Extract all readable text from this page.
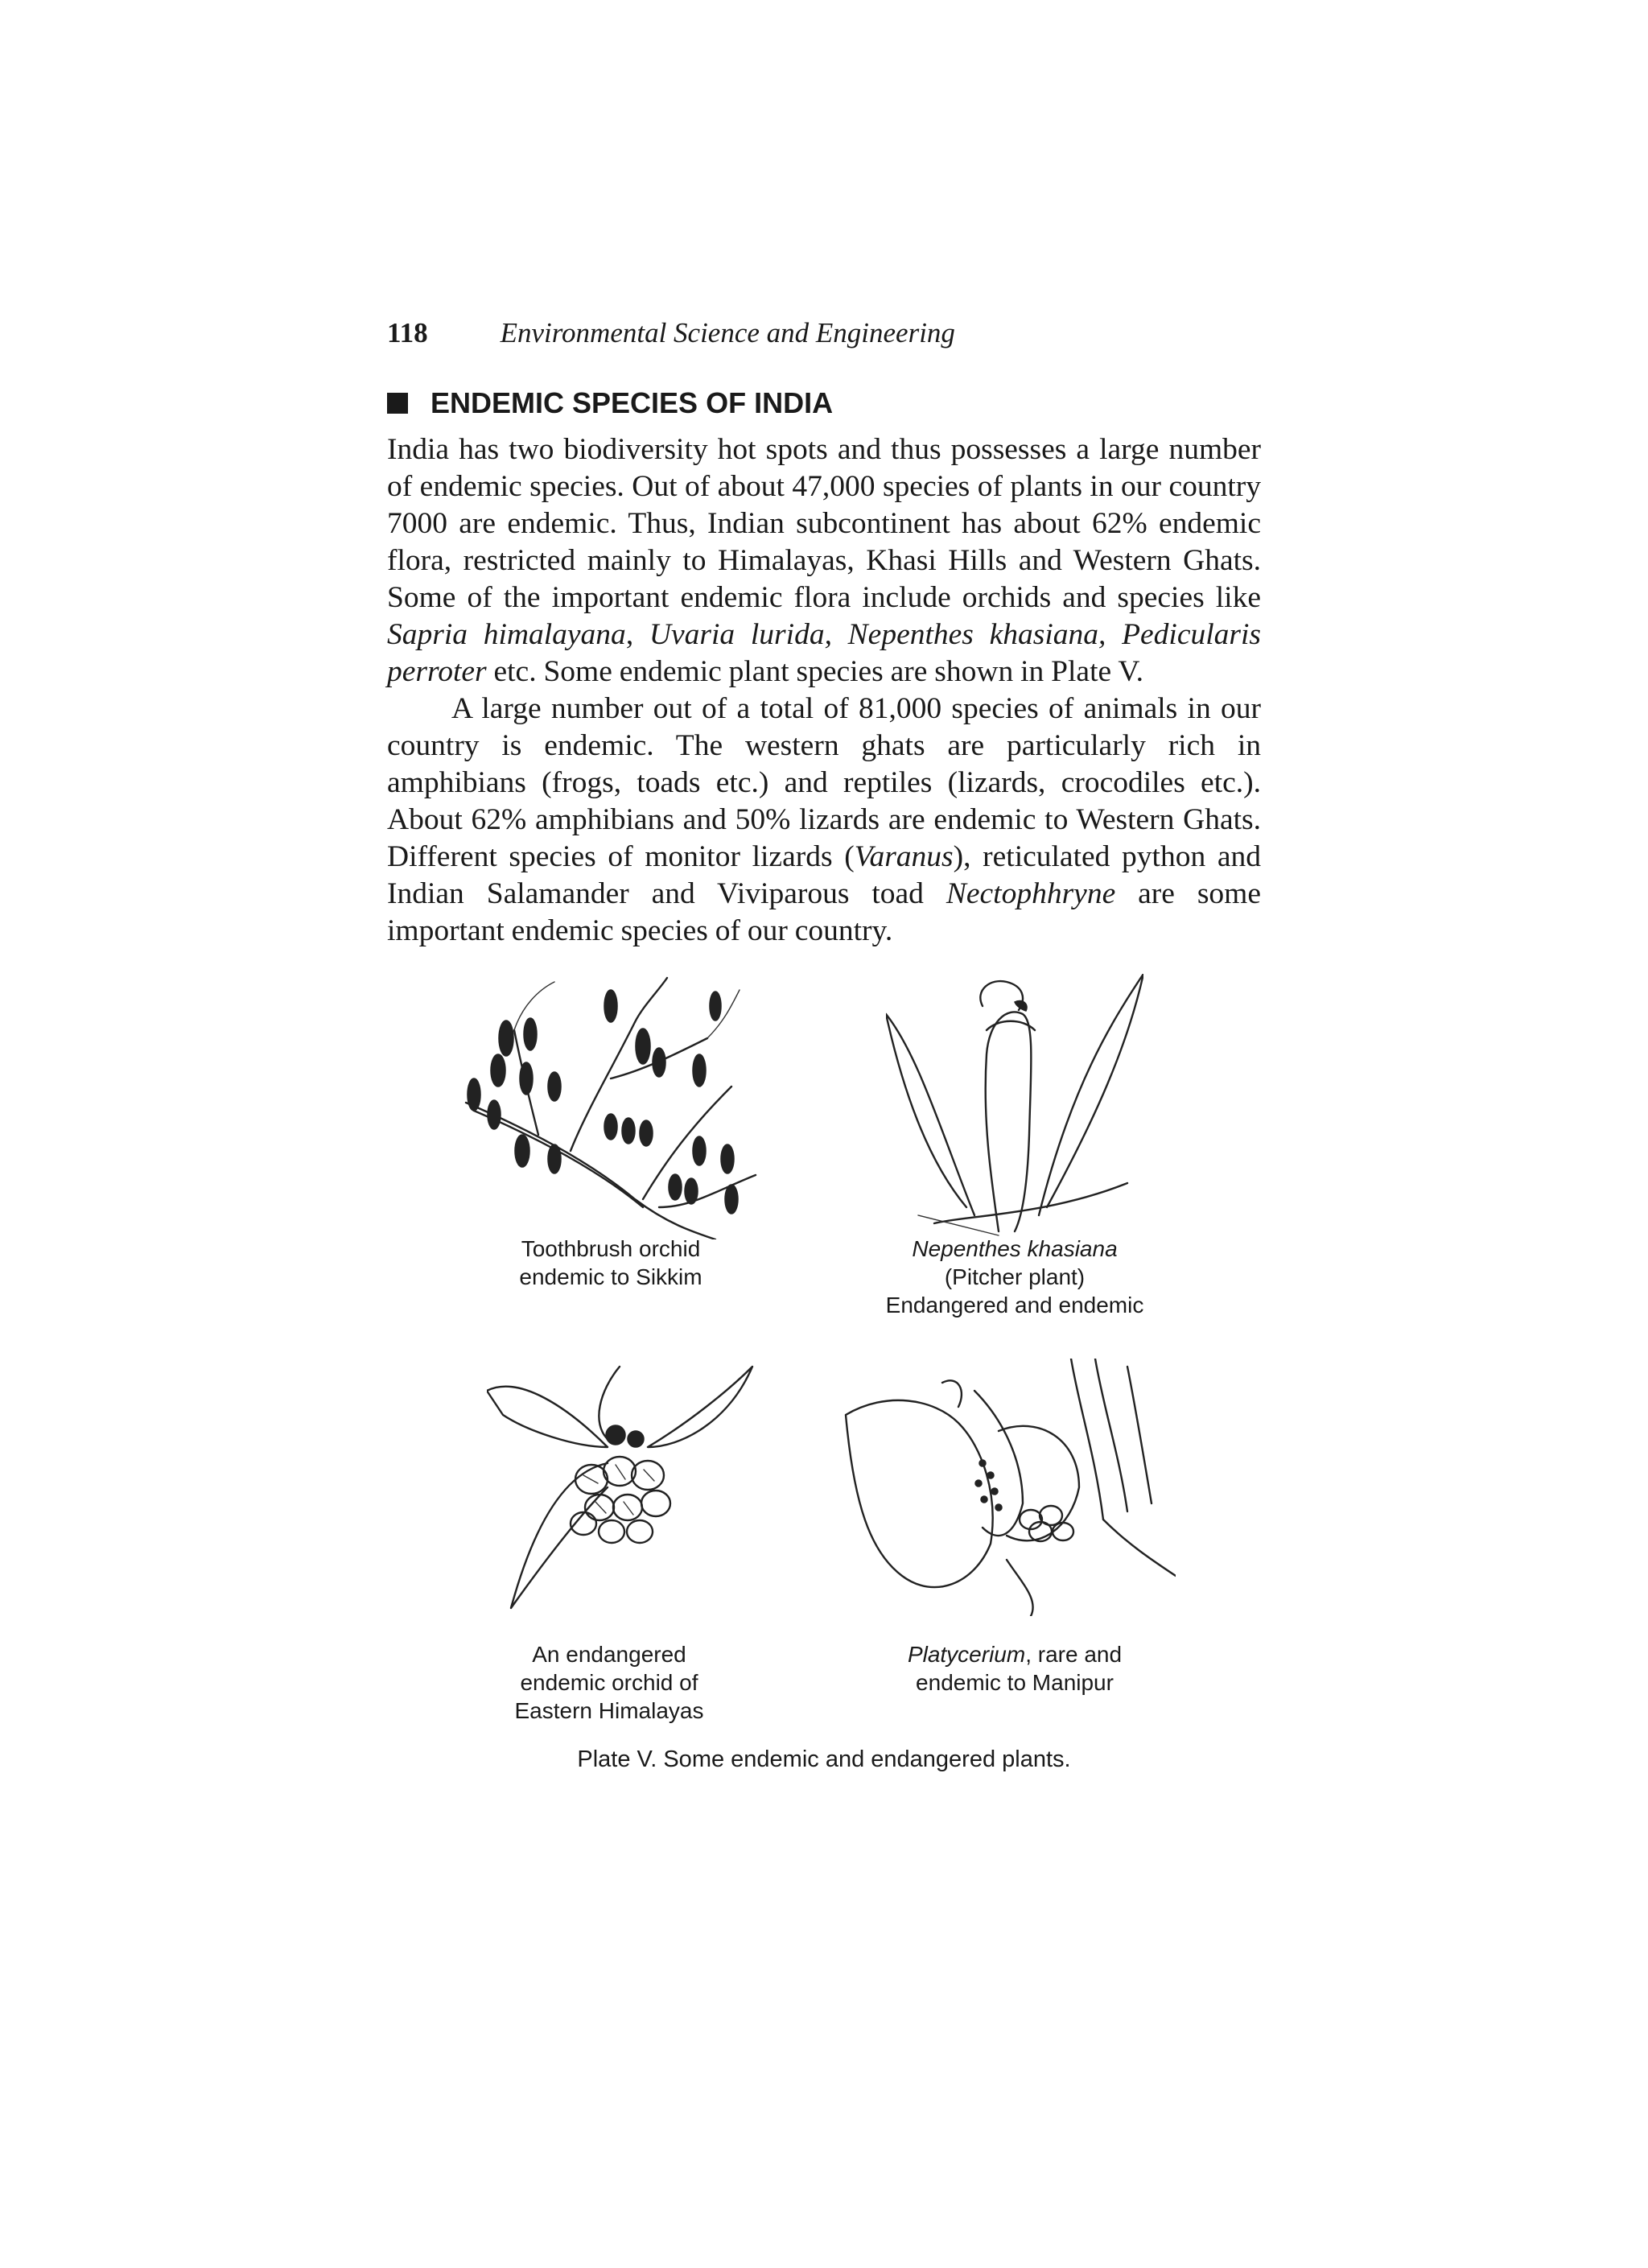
118	Environmental Science and Engineering
ENDEMIC SPECIES OF INDIA
India has two biodiversity hot spots and thus possesses a large number of endemic species. Out of about 47,000 species of plants in our country 7000 are endemic. Thus, Indian subcontinent has about 62% endemic flora, restricted mainly to Himalayas, Khasi Hills and Western Ghats. Some of the important endemic flora include orchids and species like Sapria himalayana, Uvaria lurida, Nepenthes khasiana, Pedicularis perroter etc. Some endemic plant species are shown in Plate V.
A large number out of a total of 81,000 species of animals in our country is endemic. The western ghats are particularly rich in amphibians (frogs, toads etc.) and reptiles (lizards, crocodiles etc.). About 62% amphibians and 50% lizards are endemic to Western Ghats. Different species of monitor lizards (Varanus), reticulated python and Indian Salamander and Viviparous toad Nectophhryne are some important endemic species of our country.
Toothbrush orchid
endemic to Sikkim
Nepenthes khasiana
(Pitcher plant)
Endangered and endemic
An endangered
endemic orchid of
Eastern Himalayas
Platycerium, rare and
endemic to Manipur
Plate V. Some endemic and endangered plants.
